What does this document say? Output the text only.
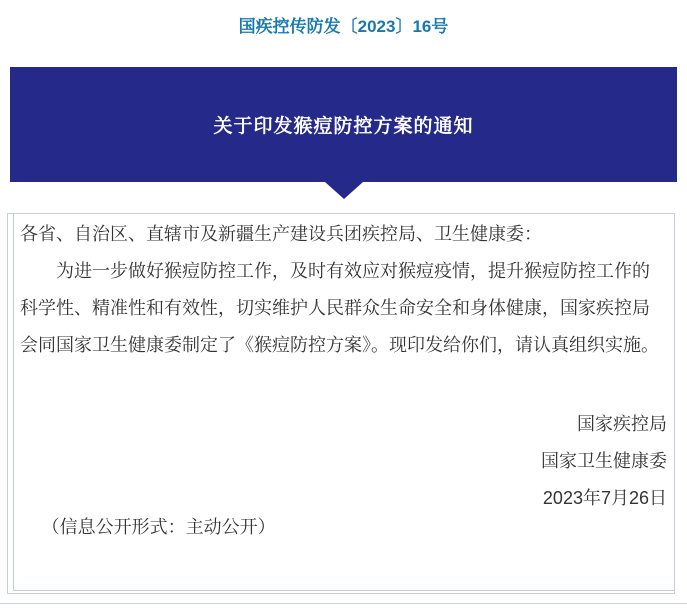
国疾控传防发〔2023〕16号
关于印发猴痘防控方案的通知

各省、自治区、直辖市及新疆生产建设兵团疾控局、卫生健康委：

为进一步做好猴痘防控工作，及时有效应对猴痘疫情，提升猴痘防控工作的科学性、精准性和有效性，切实维护人民群众生命安全和身体健康，国家疾控局会同国家卫生健康委制定了《猴痘防控方案》。现印发给你们，请认真组织实施。

国家疾控局
国家卫生健康委
2023年7月26日

（信息公开形式：主动公开）
